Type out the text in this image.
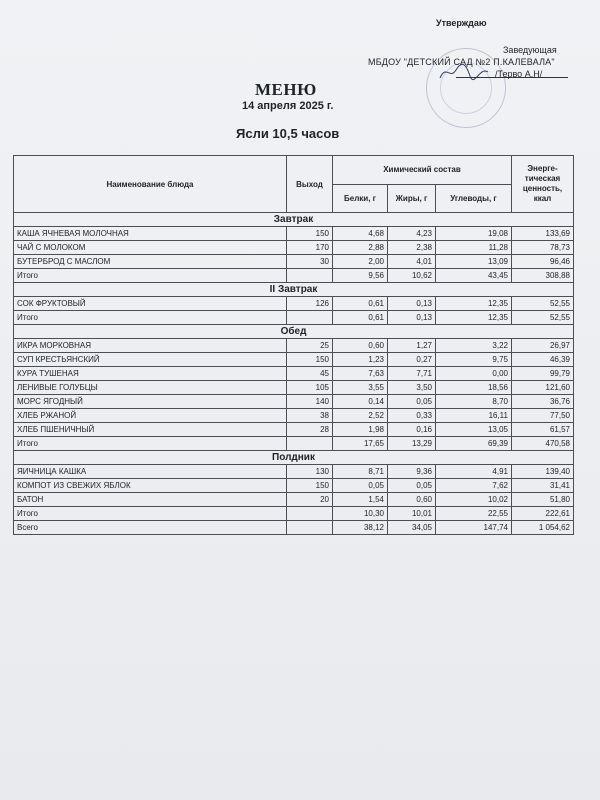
Утверждаю
Заведующая
МБДОУ "ДЕТСКИЙ САД №2 П.КАЛЕВАЛА"
/Терво А.Н/
МЕНЮ
14 апреля 2025 г.
Ясли 10,5 часов
Наименование блюда	Выход	Химический состав			Энерге-тическая ценность, ккал
		Белки, г	Жиры, г	Углеводы, г	
Завтрак					
КАША ЯЧНЕВАЯ МОЛОЧНАЯ	150	4,68	4,23	19,08	133,69
ЧАЙ С МОЛОКОМ	170	2,88	2,38	11,28	78,73
БУТЕРБРОД С МАСЛОМ	30	2,00	4,01	13,09	96,46
Итого		9,56	10,62	43,45	308,88
II Завтрак					
СОК ФРУКТОВЫЙ	126	0,61	0,13	12,35	52,55
Итого		0,61	0,13	12,35	52,55
Обед					
ИКРА МОРКОВНАЯ	25	0,60	1,27	3,22	26,97
СУП КРЕСТЬЯНСКИЙ	150	1,23	0,27	9,75	46,39
КУРА ТУШЕНАЯ	45	7,63	7,71	0,00	99,79
ЛЕНИВЫЕ ГОЛУБЦЫ	105	3,55	3,50	18,56	121,60
МОРС ЯГОДНЫЙ	140	0,14	0,05	8,70	36,76
ХЛЕБ РЖАНОЙ	38	2,52	0,33	16,11	77,50
ХЛЕБ ПШЕНИЧНЫЙ	28	1,98	0,16	13,05	61,57
Итого		17,65	13,29	69,39	470,58
Полдник					
ЯИЧНИЦА КАШКА	130	8,71	9,36	4,91	139,40
КОМПОТ ИЗ СВЕЖИХ ЯБЛОК	150	0,05	0,05	7,62	31,41
БАТОН	20	1,54	0,60	10,02	51,80
Итого		10,30	10,01	22,55	222,61
Всего		38,12	34,05	147,74	1 054,62
